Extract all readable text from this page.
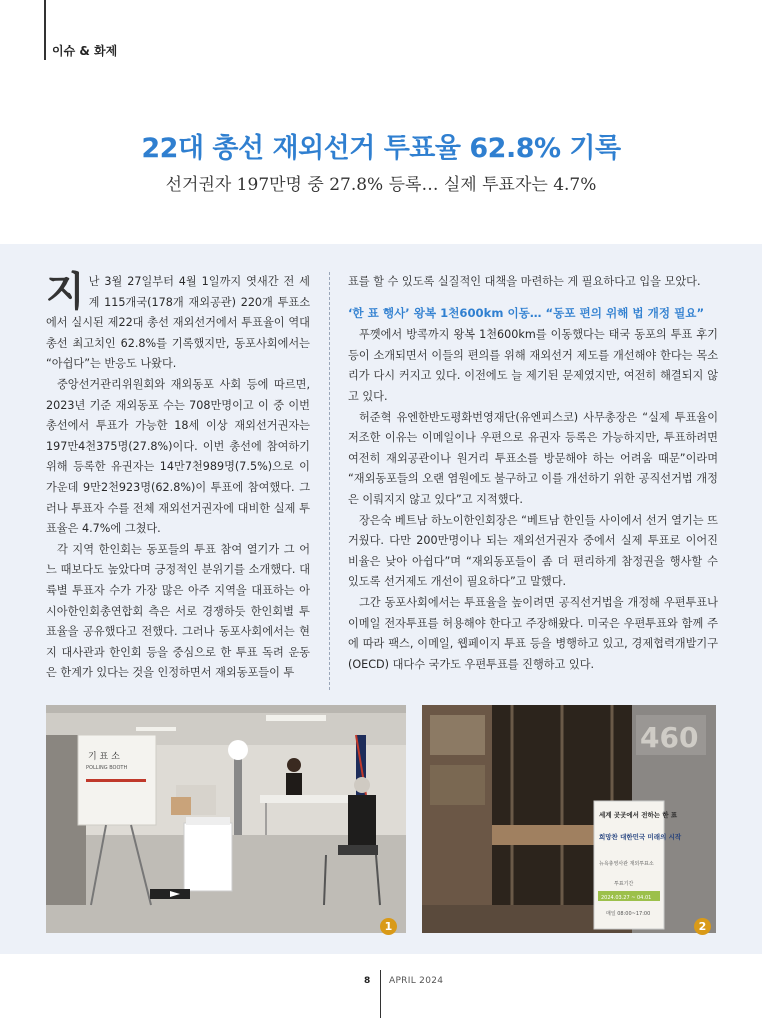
이슈 & 화제
22대 총선 재외선거 투표율 62.8% 기록
선거권자 197만명 중 27.8% 등록… 실제 투표자는 4.7%

지난 3월 27일부터 4월 1일까지 엿새간 전 세계 115개국(178개 재외공관) 220개 투표소에서 실시된 제22대 총선 재외선거에서 투표율이 역대 총선 최고치인 62.8%를 기록했지만, 동포사회에서는 “아쉽다”는 반응도 나왔다.

중앙선거관리위원회와 재외동포 사회 등에 따르면, 2023년 기준 재외동포 수는 708만명이고 이 중 이번 총선에서 투표가 가능한 18세 이상 재외선거권자는 197만4천375명(27.8%)이다. 이번 총선에 참여하기 위해 등록한 유권자는 14만7천989명(7.5%)으로 이 가운데 9만2천923명(62.8%)이 투표에 참여했다. 그러나 투표자 수를 전체 재외선거권자에 대비한 실제 투표율은 4.7%에 그쳤다.

각 지역 한인회는 동포들의 투표 참여 열기가 그 어느 때보다도 높았다며 긍정적인 분위기를 소개했다. 대륙별 투표자 수가 가장 많은 아주 지역을 대표하는 아시아한인회총연합회 측은 서로 경쟁하듯 한인회별 투표율을 공유했다고 전했다. 그러나 동포사회에서는 현지 대사관과 한인회 등을 중심으로 한 투표 독려 운동은 한계가 있다는 것을 인정하면서 재외동포들이 투

표를 할 수 있도록 실질적인 대책을 마련하는 게 필요하다고 입을 모았다.

‘한 표 행사’ 왕복 1천600km 이동… “동포 편의 위해 법 개정 필요”

푸껫에서 방콕까지 왕복 1천600km를 이동했다는 태국 동포의 투표 후기 등이 소개되면서 이들의 편의를 위해 재외선거 제도를 개선해야 한다는 목소리가 다시 커지고 있다. 이전에도 늘 제기된 문제였지만, 여전히 해결되지 않고 있다.

허준혁 유엔한반도평화번영재단(유엔피스코) 사무총장은 “실제 투표율이 저조한 이유는 이메일이나 우편으로 유권자 등록은 가능하지만, 투표하려면 여전히 재외공관이나 원거리 투표소를 방문해야 하는 어려움 때문”이라며 “재외동포들의 오랜 염원에도 불구하고 이를 개선하기 위한 공직선거법 개정은 이뤄지지 않고 있다”고 지적했다.

장은숙 베트남 하노이한인회장은 “베트남 한인들 사이에서 선거 열기는 뜨거웠다. 다만 200만명이나 되는 재외선거권자 중에서 실제 투표로 이어진 비율은 낮아 아쉽다”며 “재외동포들이 좀 더 편리하게 참정권을 행사할 수 있도록 선거제도 개선이 필요하다”고 말했다.

그간 동포사회에서는 투표율을 높이려면 공직선거법을 개정해 우편투표나 이메일 전자투표를 허용해야 한다고 주장해왔다. 미국은 우편투표와 함께 주에 따라 팩스, 이메일, 웹페이지 투표 등을 병행하고 있고, 경제협력개발기구(OECD) 대다수 국가도 우편투표를 진행하고 있다.

기 표 소
POLLING BOOTH
1
460
세계 곳곳에서 전하는 한 표
희망찬 대한민국 미래의 시작
뉴욕총영사관 재외투표소
투표기간
2024.03.27 ~ 04.01
매일 08:00~17:00
2
8 APRIL 2024
